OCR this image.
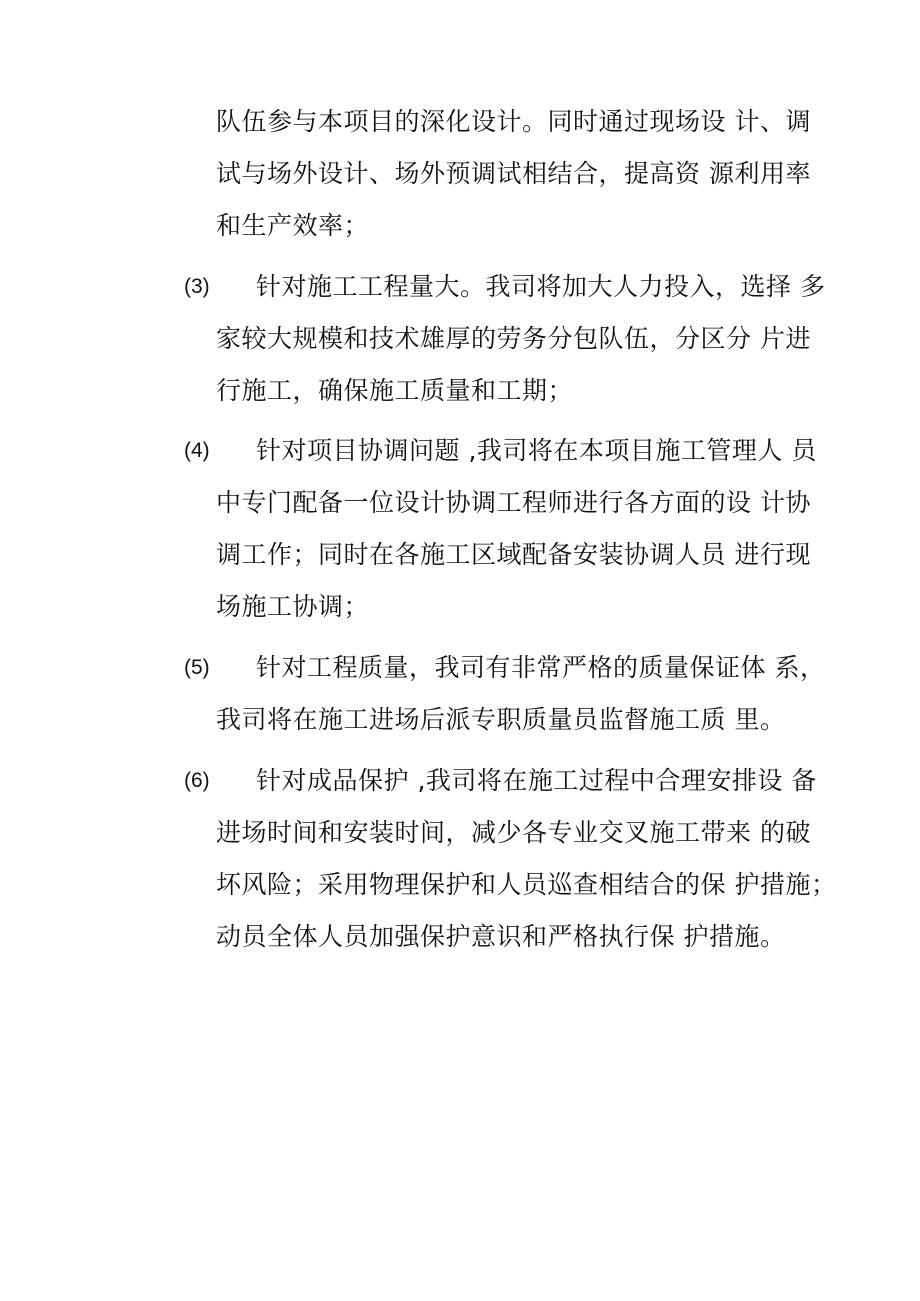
队伍参与本项目的深化设计。同时通过现场设 计、调
试与场外设计、场外预调试相结合，提高资 源利用率
和生产效率；
(3) 针对施工工程量大。我司将加大人力投入，选择 多
家较大规模和技术雄厚的劳务分包队伍，分区分 片进
行施工，确保施工质量和工期；
(4) 针对项目协调问题 ,我司将在本项目施工管理人 员
中专门配备一位设计协调工程师进行各方面的设 计协
调工作；同时在各施工区域配备安装协调人员 进行现
场施工协调；
(5) 针对工程质量，我司有非常严格的质量保证体 系，
我司将在施工进场后派专职质量员监督施工质 里。
(6) 针对成品保护 ,我司将在施工过程中合理安排设 备
进场时间和安装时间，减少各专业交叉施工带来 的破
坏风险；采用物理保护和人员巡查相结合的保 护措施；
动员全体人员加强保护意识和严格执行保 护措施。
